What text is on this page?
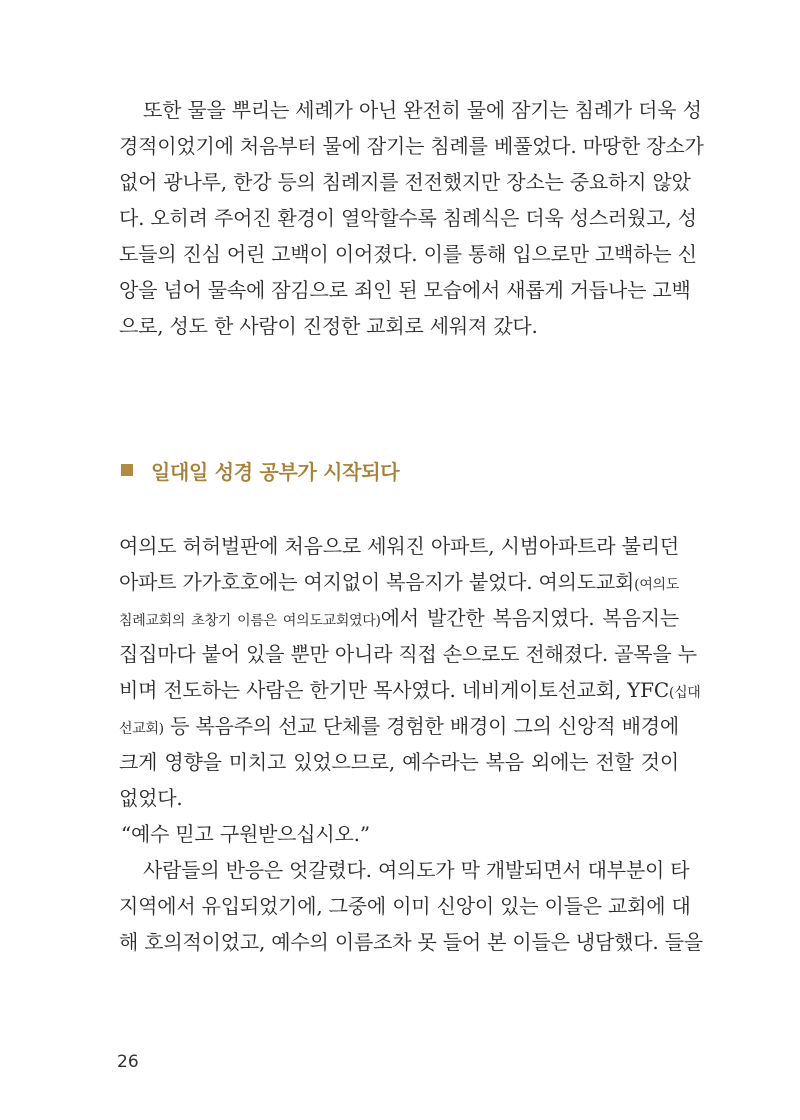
또한 물을 뿌리는 세례가 아닌 완전히 물에 잠기는 침례가 더욱 성
경적이었기에 처음부터 물에 잠기는 침례를 베풀었다. 마땅한 장소가
없어 광나루, 한강 등의 침례지를 전전했지만 장소는 중요하지 않았
다. 오히려 주어진 환경이 열악할수록 침례식은 더욱 성스러웠고, 성
도들의 진심 어린 고백이 이어졌다. 이를 통해 입으로만 고백하는 신
앙을 넘어 물속에 잠김으로 죄인 된 모습에서 새롭게 거듭나는 고백
으로, 성도 한 사람이 진정한 교회로 세워져 갔다.
일대일 성경 공부가 시작되다
여의도 허허벌판에 처음으로 세워진 아파트, 시범아파트라 불리던
아파트 가가호호에는 여지없이 복음지가 붙었다. 여의도교회(여의도
침례교회의 초창기 이름은 여의도교회였다)에서 발간한 복음지였다. 복음지는
집집마다 붙어 있을 뿐만 아니라 직접 손으로도 전해졌다. 골목을 누
비며 전도하는 사람은 한기만 목사였다. 네비게이토선교회, YFC(십대
선교회) 등 복음주의 선교 단체를 경험한 배경이 그의 신앙적 배경에
크게 영향을 미치고 있었으므로, 예수라는 복음 외에는 전할 것이
없었다.
“예수 믿고 구원받으십시오.”
사람들의 반응은 엇갈렸다. 여의도가 막 개발되면서 대부분이 타
지역에서 유입되었기에, 그중에 이미 신앙이 있는 이들은 교회에 대
해 호의적이었고, 예수의 이름조차 못 들어 본 이들은 냉담했다. 들을
26
